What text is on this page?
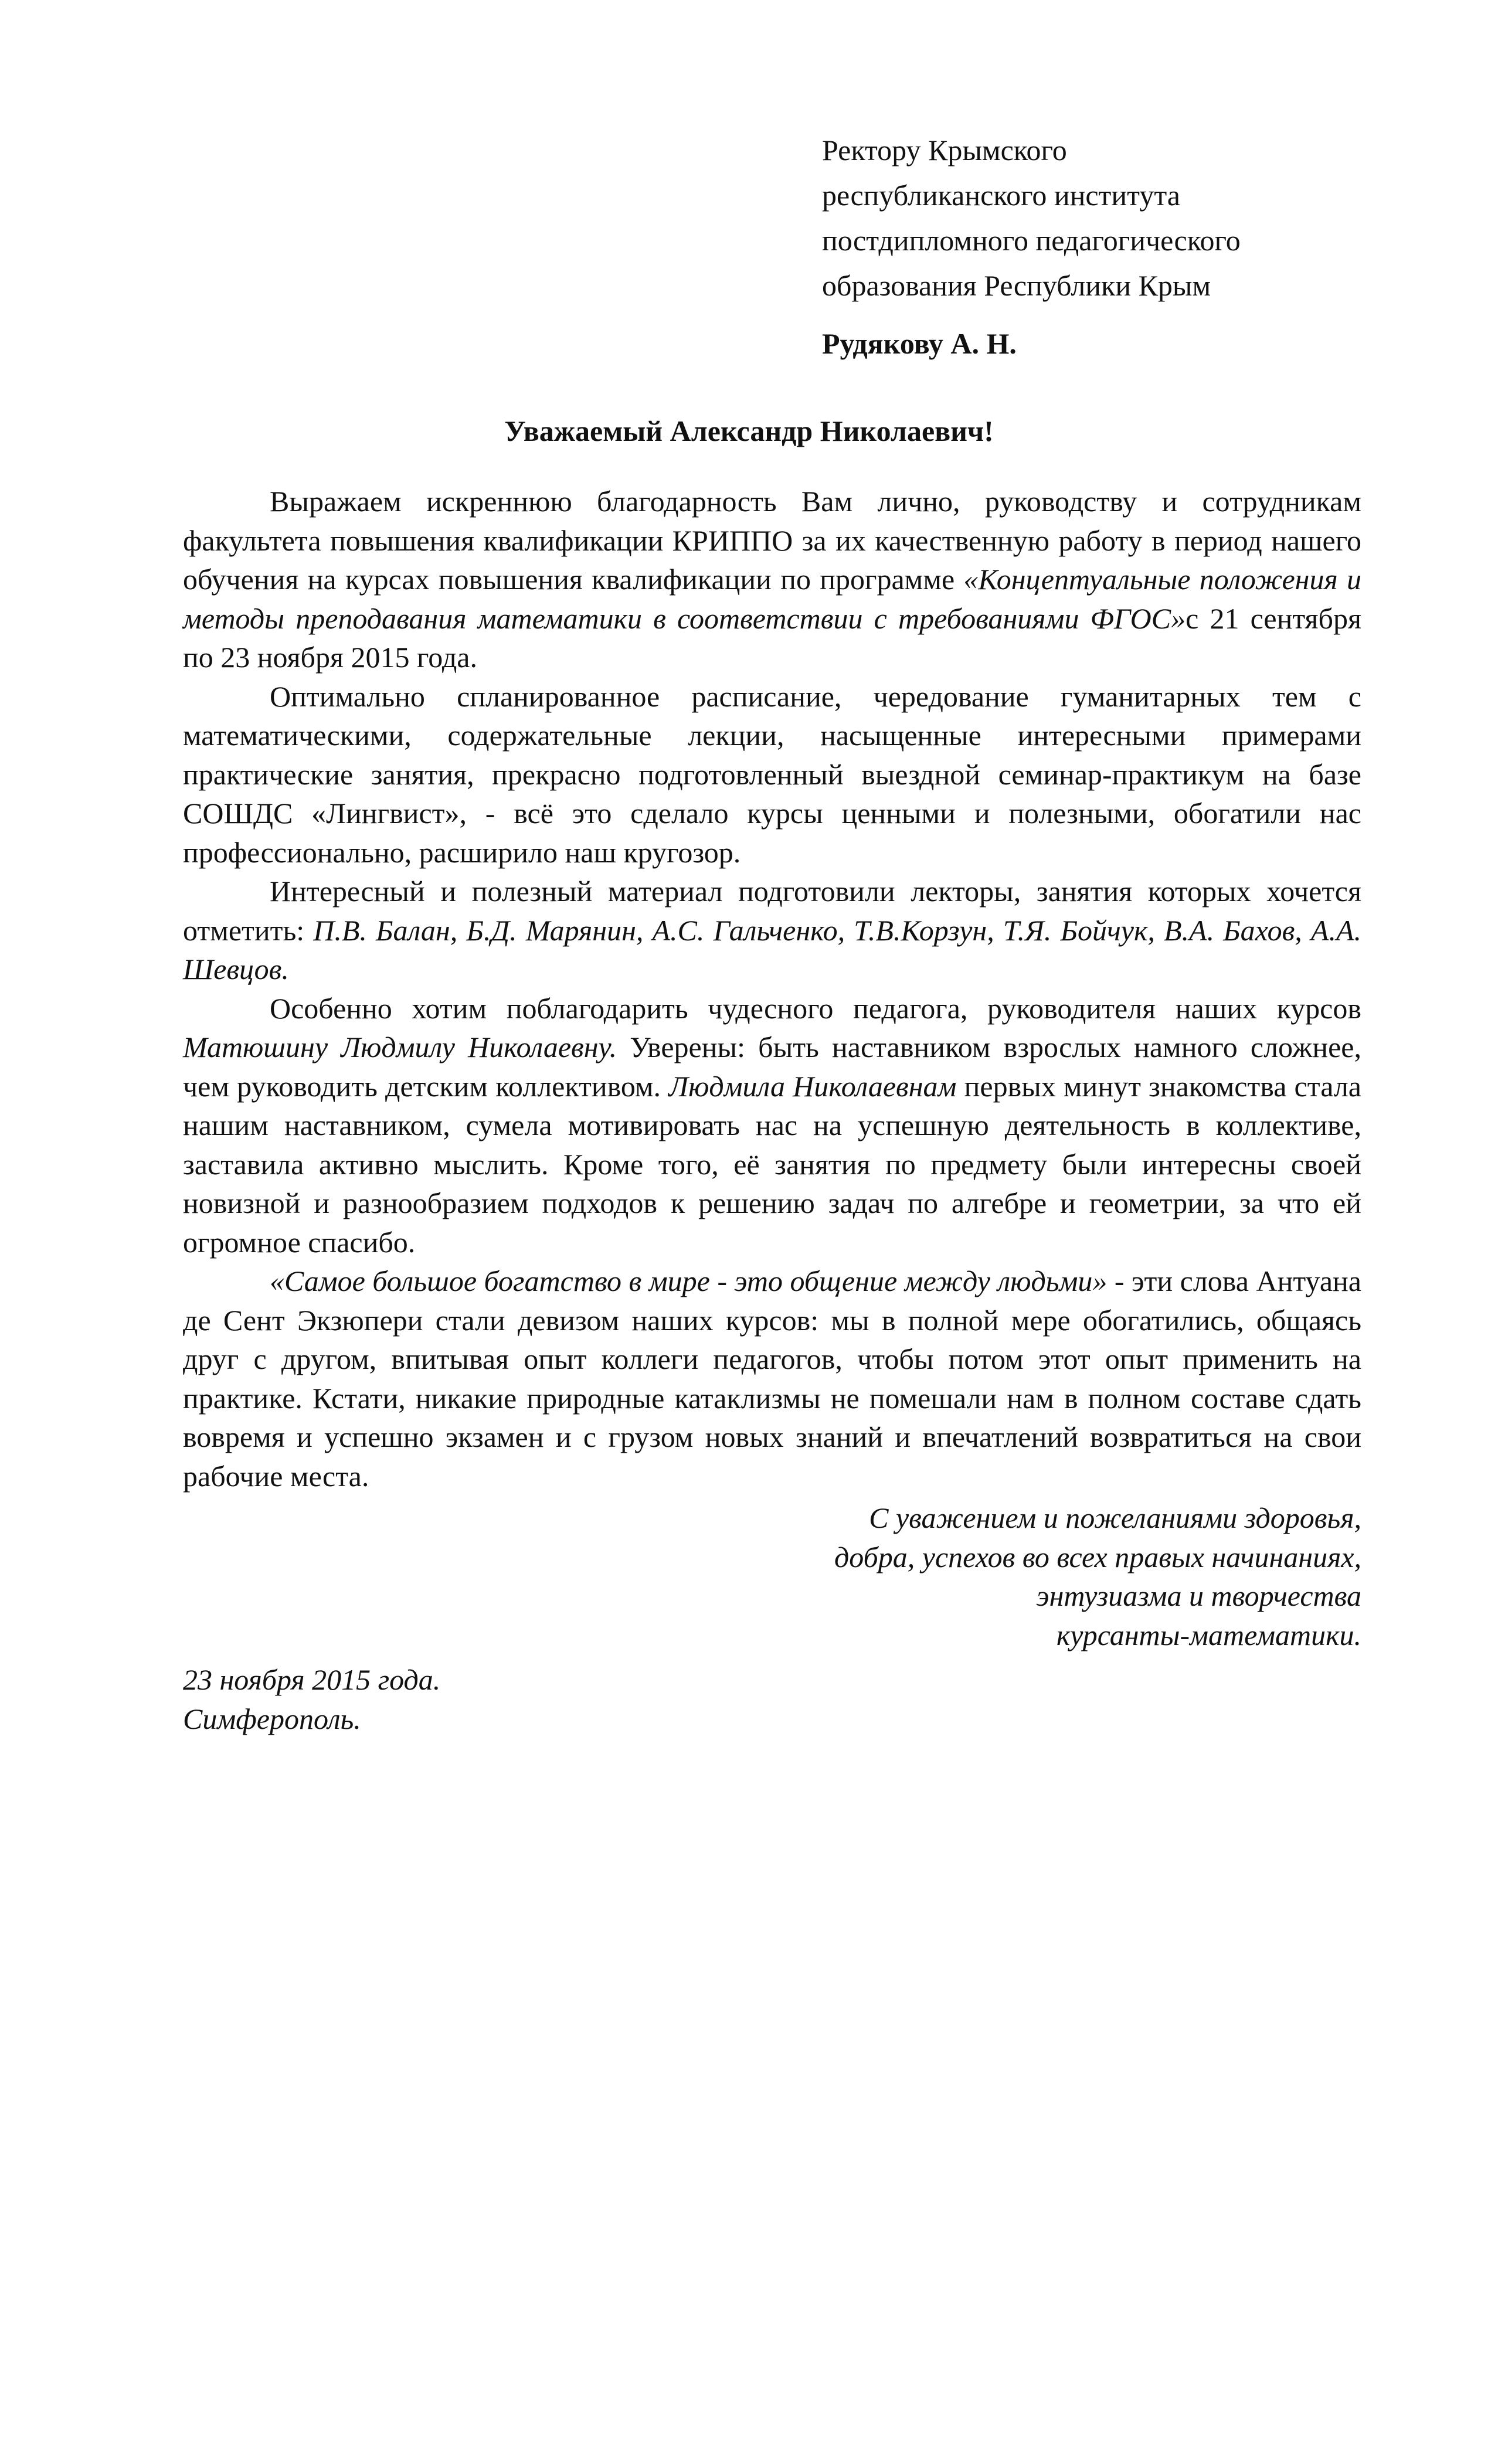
Ректору Крымского
республиканского института
постдипломного педагогического
образования Республики Крым
Рудякову А. Н.
Уважаемый Александр Николаевич!

Выражаем искреннюю благодарность Вам лично, руководству и сотрудникам факультета повышения квалификации КРИППО за их качественную работу в период нашего обучения на курсах повышения квалификации по программе «Концептуальные положения и методы преподавания математики в соответствии с требованиями ФГОС»с 21 сентября по 23 ноября 2015 года.

Оптимально спланированное расписание, чередование гуманитарных тем с математическими, содержательные лекции, насыщенные интересными примерами практические занятия, прекрасно подготовленный выездной семинар-практикум на базе СОШДС «Лингвист», - всё это сделало курсы ценными и полезными, обогатили нас профессионально, расширило наш кругозор.

Интересный и полезный материал подготовили лекторы, занятия которых хочется отметить: П.В. Балан, Б.Д. Марянин, А.С. Гальченко, Т.В.Корзун, Т.Я. Бойчук, В.А. Бахов, А.А. Шевцов.

Особенно хотим поблагодарить чудесного педагога, руководителя наших курсов Матюшину Людмилу Николаевну. Уверены: быть наставником взрослых намного сложнее, чем руководить детским коллективом. Людмила Николаевнам первых минут знакомства стала нашим наставником, сумела мотивировать нас на успешную деятельность в коллективе, заставила активно мыслить. Кроме того, её занятия по предмету были интересны своей новизной и разнообразием подходов к решению задач по алгебре и геометрии, за что ей огромное спасибо.

«Самое большое богатство в мире - это общение между людьми» - эти слова Антуана де Сент Экзюпери стали девизом наших курсов: мы в полной мере обогатились, общаясь друг с другом, впитывая опыт коллеги педагогов, чтобы потом этот опыт применить на практике. Кстати, никакие природные катаклизмы не помешали нам в полном составе сдать вовремя и успешно экзамен и с грузом новых знаний и впечатлений возвратиться на свои рабочие места.

С уважением и пожеланиями здоровья,
добра, успехов во всех правых начинаниях,
энтузиазма и творчества
курсанты-математики.
23 ноября 2015 года.
Симферополь.
